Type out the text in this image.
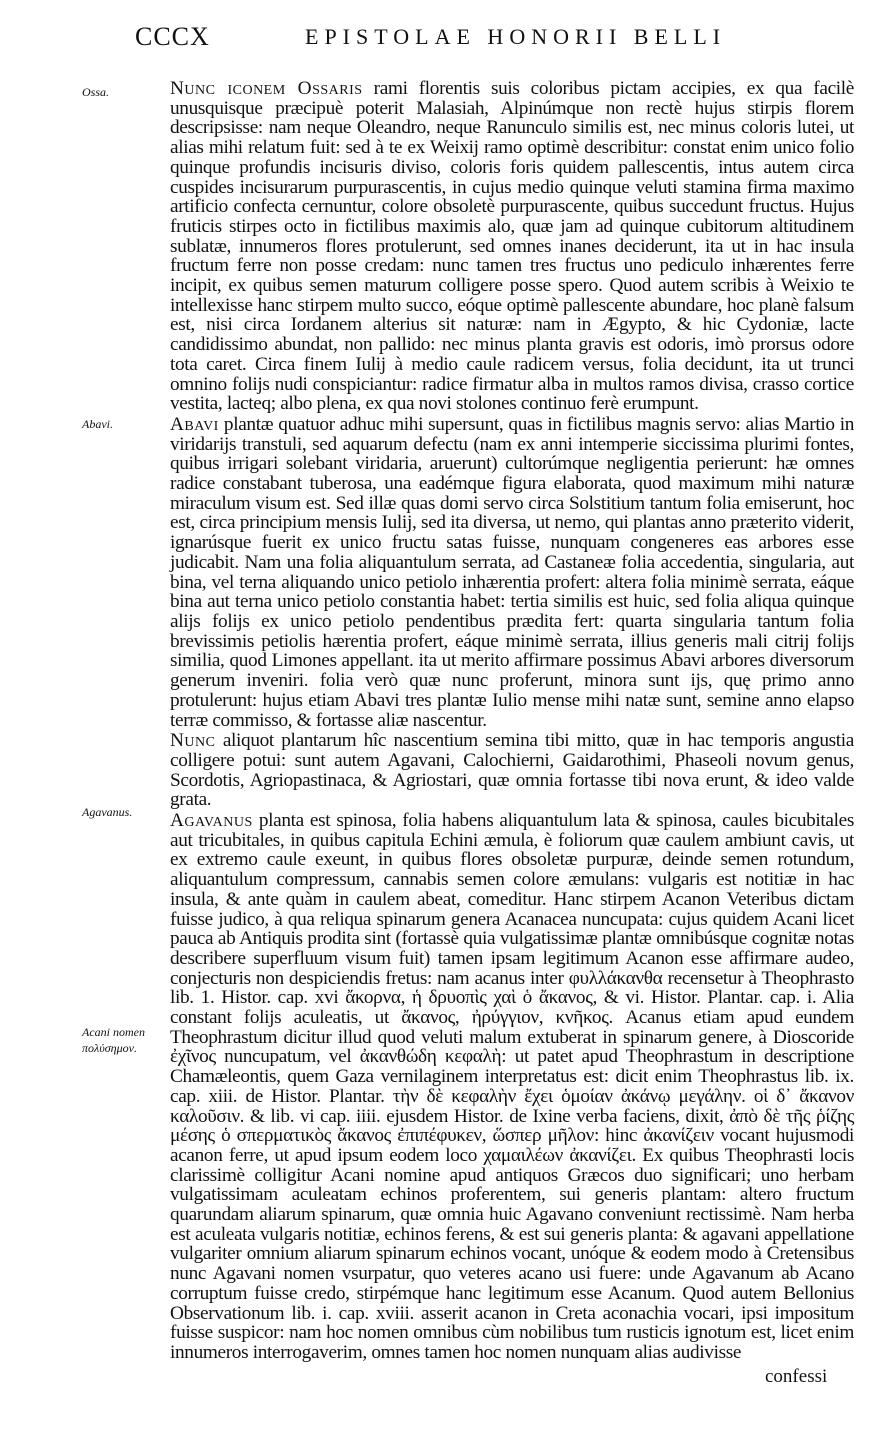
CCCX	EPISTOLAE HONORII BELLI
Ossa.
Abavi.
Agavanus.
Acani nomen πολύσημον.

Nunc iconem Ossaris rami florentis suis coloribus pictam accipies, ex qua facilè unusquisque præcipuè poterit Malasiah, Alpinúmque non rectè hujus stirpis florem descripsisse: nam neque Oleandro, neque Ranunculo similis est, nec minus coloris lutei, ut alias mihi relatum fuit: sed à te ex Weixij ramo optimè describitur: constat enim unico folio quinque profundis incisuris diviso, coloris foris quidem pallescentis, intus autem circa cuspides incisurarum purpurascentis, in cujus medio quinque veluti stamina firma maximo artificio confecta cernuntur, colore obsoletè purpurascente, quibus succedunt fructus. Hujus fruticis stirpes octo in fictilibus maximis alo, quæ jam ad quinque cubitorum altitudinem sublatæ, innumeros flores protulerunt, sed omnes inanes deciderunt, ita ut in hac insula fructum ferre non posse credam: nunc tamen tres fructus uno pediculo inhærentes ferre incipit, ex quibus semen maturum colligere posse spero. Quod autem scribis à Weixio te intellexisse hanc stirpem multo succo, eóque optimè pallescente abundare, hoc planè falsum est, nisi circa Iordanem alterius sit naturæ: nam in Ægypto, & hic Cydoniæ, lacte candidissimo abundat, non pallido: nec minus planta gravis est odoris, imò prorsus odore tota caret. Circa finem Iulij à medio caule radicem versus, folia decidunt, ita ut trunci omnino folijs nudi conspiciantur: radice firmatur alba in multos ramos divisa, crasso cortice vestita, lacteq; albo plena, ex qua novi stolones continuo ferè erumpunt.

Abavi plantæ quatuor adhuc mihi supersunt, quas in fictilibus magnis servo: alias Martio in viridarijs transtuli, sed aquarum defectu (nam ex anni intemperie siccissima plurimi fontes, quibus irrigari solebant viridaria, aruerunt) cultorúmque negligentia perierunt: hæ omnes radice constabant tuberosa, una eadémque figura elaborata, quod maximum mihi naturæ miraculum visum est. Sed illæ quas domi servo circa Solstitium tantum folia emiserunt, hoc est, circa principium mensis Iulij, sed ita diversa, ut nemo, qui plantas anno præterito viderit, ignarúsque fuerit ex unico fructu satas fuisse, nunquam congeneres eas arbores esse judicabit. Nam una folia aliquantulum serrata, ad Castaneæ folia accedentia, singularia, aut bina, vel terna aliquando unico petiolo inhærentia profert: altera folia minimè serrata, eáque bina aut terna unico petiolo constantia habet: tertia similis est huic, sed folia aliqua quinque alijs folijs ex unico petiolo pendentibus prædita fert: quarta singularia tantum folia brevissimis petiolis hærentia profert, eáque minimè serrata, illius generis mali citrij folijs similia, quod Limones appellant. ita ut merito affirmare possimus Abavi arbores diversorum generum inveniri. folia verò quæ nunc proferunt, minora sunt ijs, quę primo anno protulerunt: hujus etiam Abavi tres plantæ Iulio mense mihi natæ sunt, semine anno elapso terræ commisso, & fortasse aliæ nascentur.

Nunc aliquot plantarum hîc nascentium semina tibi mitto, quæ in hac temporis angustia colligere potui: sunt autem Agavani, Calochierni, Gaidarothimi, Phaseoli novum genus, Scordotis, Agriopastinaca, & Agriostari, quæ omnia fortasse tibi nova erunt, & ideo valde grata.

Agavanus planta est spinosa, folia habens aliquantulum lata & spinosa, caules bicubitales aut tricubitales, in quibus capitula Echini æmula, è foliorum quæ caulem ambiunt cavis, ut ex extremo caule exeunt, in quibus flores obsoletæ purpuræ, deinde semen rotundum, aliquantulum compressum, cannabis semen colore æmulans: vulgaris est notitiæ in hac insula, & ante quàm in caulem abeat, comeditur. Hanc stirpem Acanon Veteribus dictam fuisse judico, à qua reliqua spinarum genera Acanacea nuncupata: cujus quidem Acani licet pauca ab Antiquis prodita sint (fortassè quia vulgatissimæ plantæ omnibúsque cognitæ notas describere superfluum visum fuit) tamen ipsam legitimum Acanon esse affirmare audeo, conjecturis non despiciendis fretus: nam acanus inter φυλλάκανθα recensetur à Theophrasto lib. 1. Histor. cap. xvi ἄκορνα, ἡ δρυοπὶς χαὶ ὁ ἄκανος, & vi. Histor. Plantar. cap. i. Alia constant folijs aculeatis, ut ἄκανος, ἠρύγγιον, κνῆκος. Acanus etiam apud eundem Theophrastum dicitur illud quod veluti malum extuberat in spinarum genere, à Dioscoride ἐχῖνος nuncupatum, vel ἀκανθώδη κεφαλὴ: ut patet apud Theophrastum in descriptione Chamæleontis, quem Gaza vernilaginem interpretatus est: dicit enim Theophrastus lib. ix. cap. xiii. de Histor. Plantar. τὴν δὲ κεφαλὴν ἔχει ὁμοίαν ἀκάνῳ μεγάλην. οἱ δ᾽ ἄκανον καλοῦσιν. & lib. vi cap. iiii. ejusdem Histor. de Ixine verba faciens, dixit, ἀπὸ δὲ τῆς ῥίζης μέσης ὁ σπερματικὸς ἄκανος ἐπιπέφυκεν, ὥσπερ μῆλον: hinc ἀκανίζειν vocant hujusmodi acanon ferre, ut apud ipsum eodem loco χαμαιλέων ἀκανίζει. Ex quibus Theophrasti locis clarissimè colligitur Acani nomine apud antiquos Græcos duo significari; uno herbam vulgatissimam aculeatam echinos proferentem, sui generis plantam: altero fructum quarundam aliarum spinarum, quæ omnia huic Agavano conveniunt rectissimè. Nam herba est aculeata vulgaris notitiæ, echinos ferens, & est sui generis planta: & agavani appellatione vulgariter omnium aliarum spinarum echinos vocant, unóque & eodem modo à Cretensibus nunc Agavani nomen vsurpatur, quo veteres acano usi fuere: unde Agavanum ab Acano corruptum fuisse credo, stirpémque hanc legitimum esse Acanum. Quod autem Bellonius Observationum lib. i. cap. xviii. asserit acanon in Creta aconachia vocari, ipsi impositum fuisse suspicor: nam hoc nomen omnibus cùm nobilibus tum rusticis ignotum est, licet enim innumeros interrogaverim, omnes tamen hoc nomen nunquam alias audivisse

confessi
